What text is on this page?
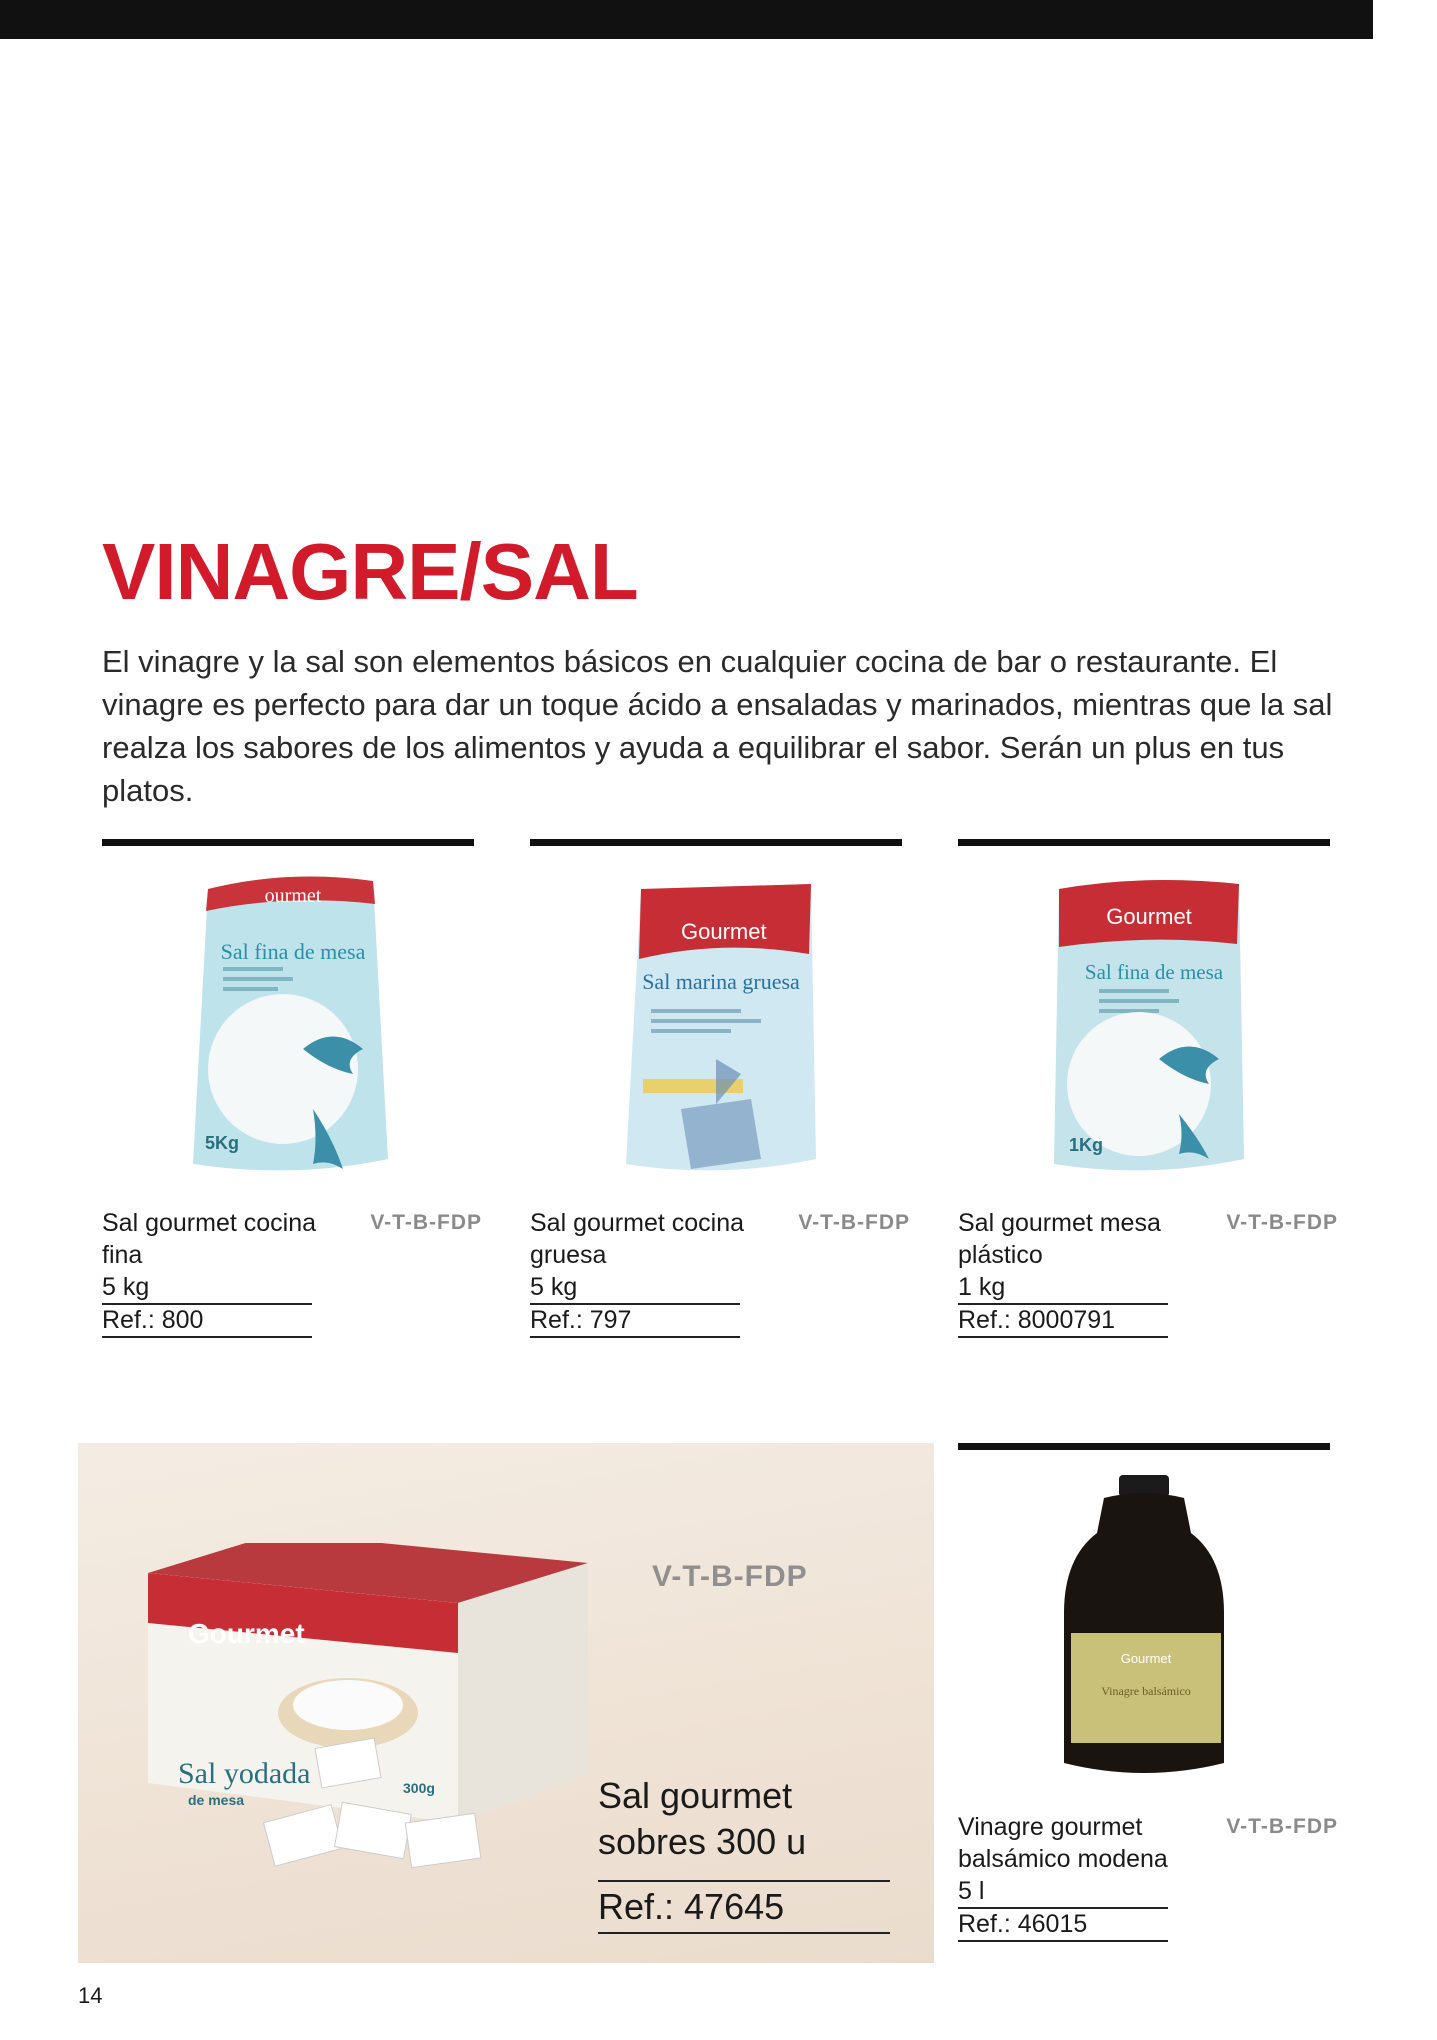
VINAGRE/SAL

El vinagre y la sal son elementos básicos en cualquier cocina de bar o restaurante. El vinagre es perfecto para dar un toque ácido a ensaladas y marinados, mientras que la sal realza los sabores de los alimentos y ayuda a equilibrar el sabor. Serán un plus en tus platos.

ourmet
Sal fina de mesa
5Kg
Sal gourmet cocina fina
V-T-B-FDP
5 kg
Ref.: 800
Gourmet
Sal marina gruesa
Sal gourmet cocina gruesa
V-T-B-FDP
5 kg
Ref.: 797
Gourmet
Sal fina de mesa
1Kg
Sal gourmet mesa plástico
V-T-B-FDP
1 kg
Ref.: 8000791
Gourmet
Sal yodada
de mesa
300g
V-T-B-FDP
Sal gourmet sobres 300 u
Ref.: 47645
Gourmet
Vinagre balsámico
Vinagre gourmet balsámico modena
V-T-B-FDP
5 l
Ref.: 46015
14
